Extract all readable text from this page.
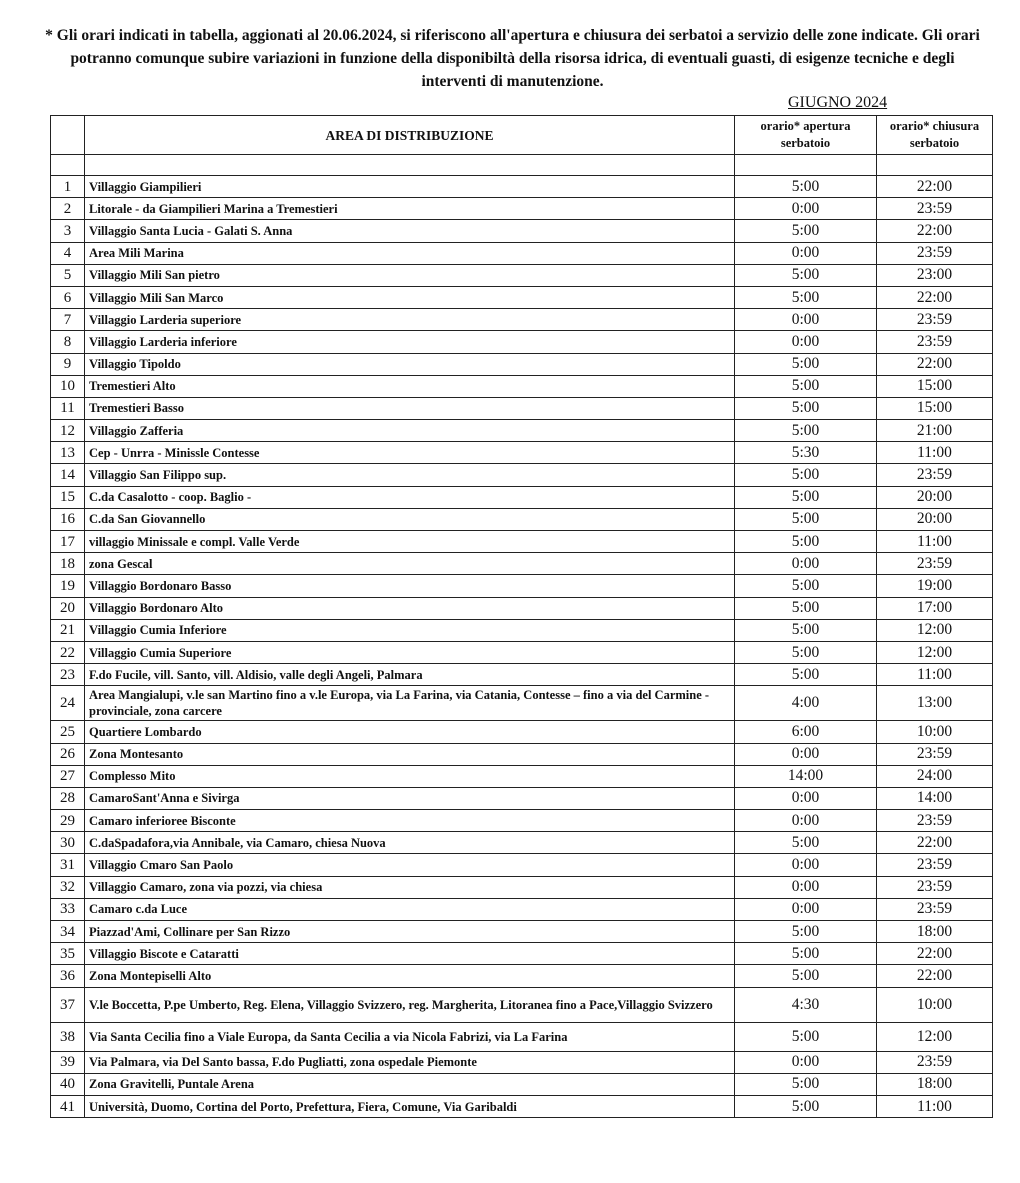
* Gli orari indicati in tabella, aggionati al 20.06.2024, si riferiscono all'apertura e chiusura dei serbatoi a servizio delle zone indicate. Gli orari potranno comunque subire variazioni in funzione della disponibiltà della risorsa idrica, di eventuali guasti, di esigenze tecniche e degli interventi di manutenzione.
GIUGNO 2024
	AREA DI DISTRIBUZIONE	orario* apertura serbatoio	orario* chiusura serbatoio

1	Villaggio Giampilieri	5:00	22:00
2	Litorale - da Giampilieri Marina a Tremestieri	0:00	23:59
3	Villaggio Santa Lucia - Galati S. Anna	5:00	22:00
4	Area Mili Marina	0:00	23:59
5	Villaggio Mili San pietro	5:00	23:00
6	Villaggio Mili San Marco	5:00	22:00
7	Villaggio Larderia superiore	0:00	23:59
8	Villaggio Larderia inferiore	0:00	23:59
9	Villaggio Tipoldo	5:00	22:00
10	Tremestieri Alto	5:00	15:00
11	Tremestieri Basso	5:00	15:00
12	Villaggio Zafferia	5:00	21:00
13	Cep - Unrra - Minissle Contesse	5:30	11:00
14	Villaggio San Filippo sup.	5:00	23:59
15	C.da Casalotto - coop. Baglio -	5:00	20:00
16	C.da San Giovannello	5:00	20:00
17	villaggio Minissale e compl. Valle Verde	5:00	11:00
18	zona Gescal	0:00	23:59
19	Villaggio Bordonaro Basso	5:00	19:00
20	Villaggio Bordonaro Alto	5:00	17:00
21	Villaggio Cumia Inferiore	5:00	12:00
22	Villaggio Cumia Superiore	5:00	12:00
23	F.do Fucile, vill. Santo, vill. Aldisio, valle degli Angeli, Palmara	5:00	11:00
24	Area Mangialupi, v.le san Martino fino a v.le Europa, via La Farina, via Catania, Contesse – fino a via del Carmine - provinciale, zona carcere	4:00	13:00
25	Quartiere Lombardo	6:00	10:00
26	Zona Montesanto	0:00	23:59
27	Complesso Mito	14:00	24:00
28	CamaroSant'Anna e Sivirga	0:00	14:00
29	Camaro inferioree Bisconte	0:00	23:59
30	C.daSpadafora,via Annibale, via Camaro, chiesa Nuova	5:00	22:00
31	Villaggio Cmaro San Paolo	0:00	23:59
32	Villaggio Camaro, zona via pozzi, via chiesa	0:00	23:59
33	Camaro c.da Luce	0:00	23:59
34	Piazzad'Ami, Collinare per San Rizzo	5:00	18:00
35	Villaggio Biscote e Cataratti	5:00	22:00
36	Zona Montepiselli Alto	5:00	22:00
37	V.le Boccetta, P.pe Umberto, Reg. Elena, Villaggio Svizzero, reg. Margherita, Litoranea fino a Pace,Villaggio Svizzero	4:30	10:00
38	Via Santa Cecilia fino a Viale Europa, da Santa Cecilia a via Nicola Fabrizi, via La Farina	5:00	12:00
39	Via Palmara, via Del Santo bassa, F.do Pugliatti, zona ospedale Piemonte	0:00	23:59
40	Zona Gravitelli, Puntale Arena	5:00	18:00
41	Università, Duomo, Cortina del Porto, Prefettura, Fiera, Comune, Via Garibaldi	5:00	11:00
